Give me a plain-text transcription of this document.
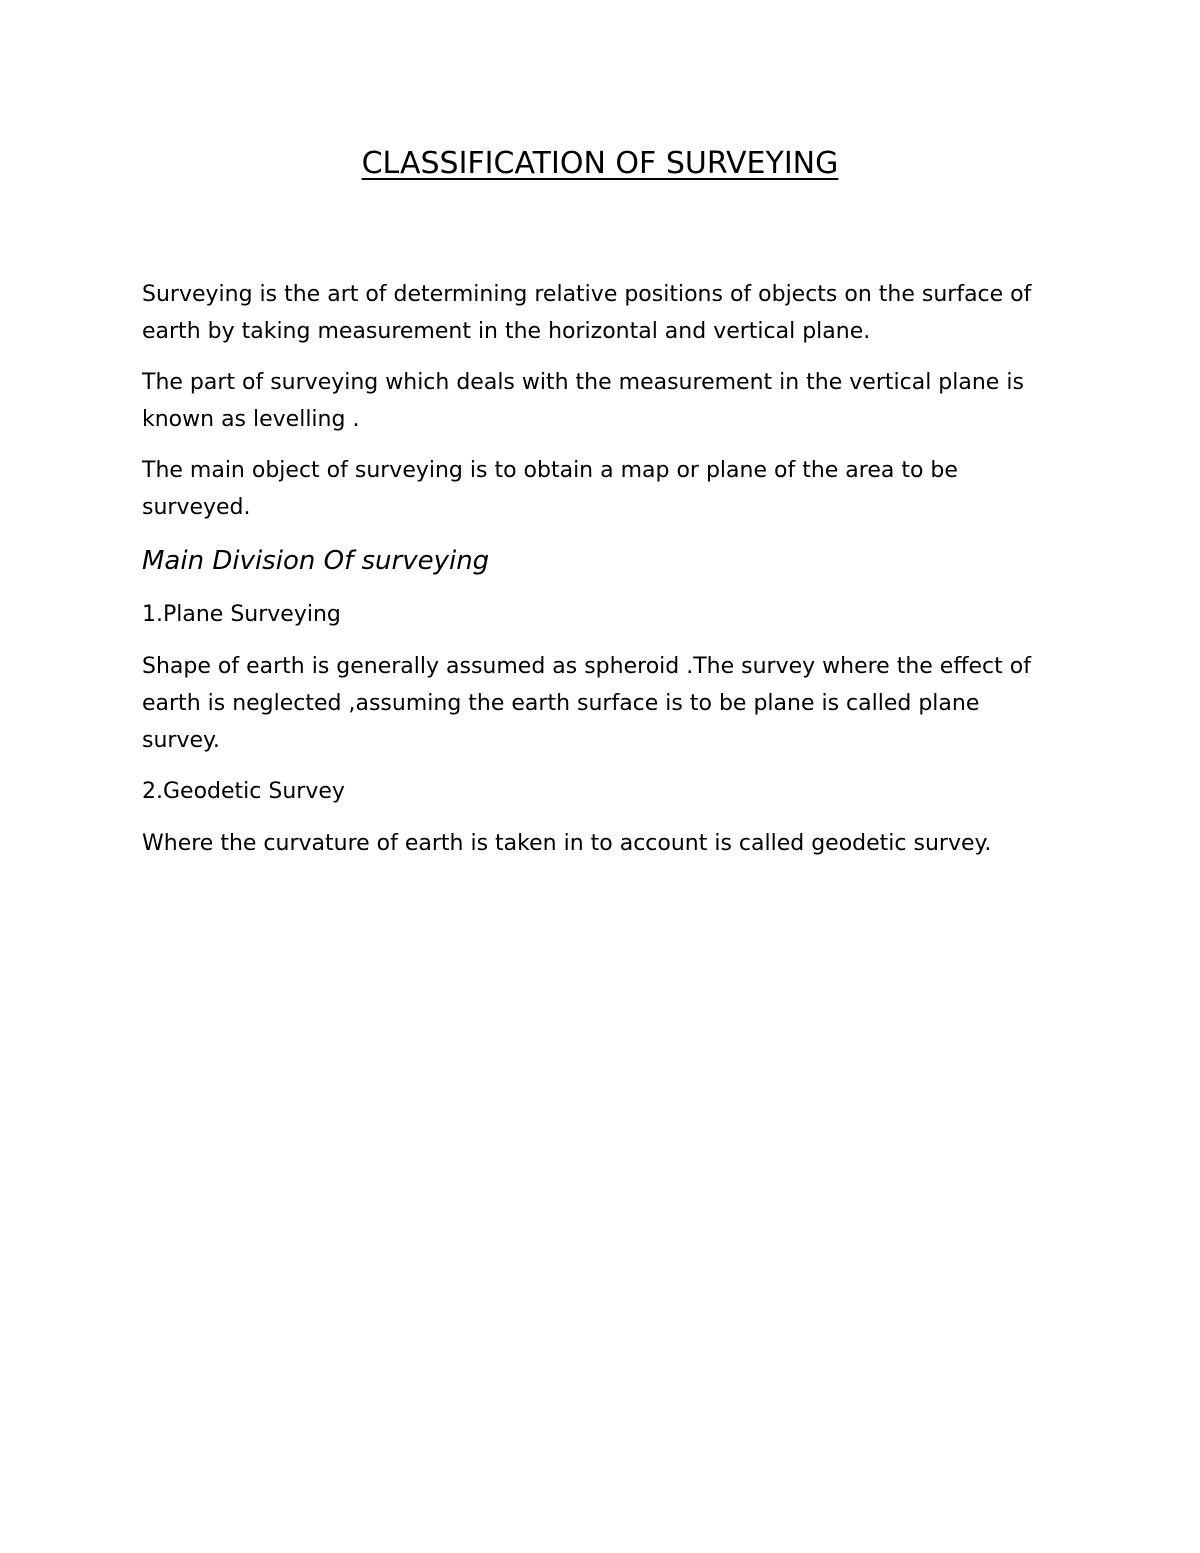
CLASSIFICATION OF SURVEYING

Surveying is the art of determining relative positions of objects on the surface of earth by taking measurement in the horizontal and vertical plane.

The part of surveying which deals with the measurement in the vertical plane is known as levelling .

The main object of surveying is to obtain a map or plane of the area to be surveyed.

Main Division Of surveying

1.Plane Surveying

Shape of earth is generally assumed as spheroid .The survey where the effect of earth is neglected ,assuming the earth surface is to be plane is called plane survey.

2.Geodetic Survey

Where the curvature of earth is taken in to account is called geodetic survey.
